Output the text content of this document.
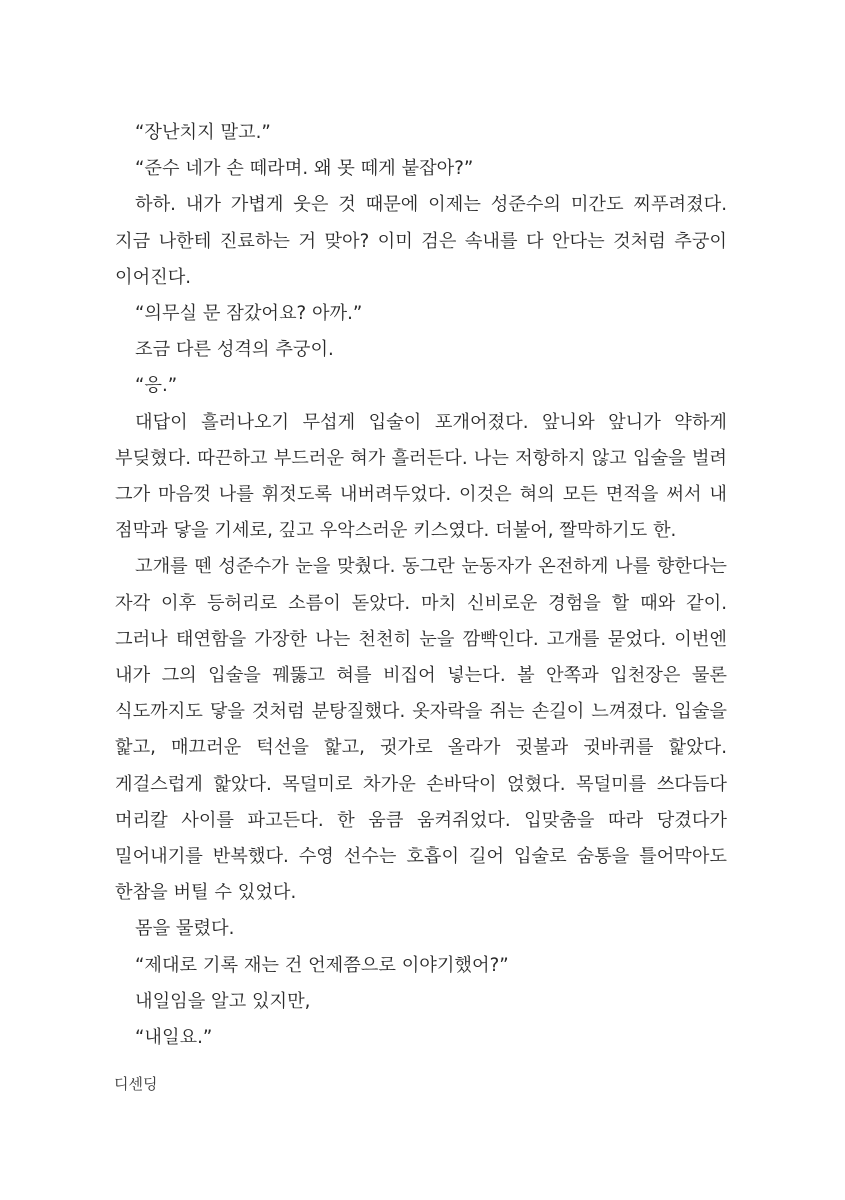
“장난치지 말고.”

“준수 네가 손 떼라며. 왜 못 떼게 붙잡아?”

하하. 내가 가볍게 웃은 것 때문에 이제는 성준수의 미간도 찌푸려졌다. 지금 나한테 진료하는 거 맞아? 이미 검은 속내를 다 안다는 것처럼 추궁이 이어진다.

“의무실 문 잠갔어요? 아까.”

조금 다른 성격의 추궁이.

“응.”

대답이 흘러나오기 무섭게 입술이 포개어졌다. 앞니와 앞니가 약하게 부딪혔다. 따끈하고 부드러운 혀가 흘러든다. 나는 저항하지 않고 입술을 벌려 그가 마음껏 나를 휘젓도록 내버려두었다. 이것은 혀의 모든 면적을 써서 내 점막과 닿을 기세로, 깊고 우악스러운 키스였다. 더불어, 짤막하기도 한.

고개를 뗀 성준수가 눈을 맞췄다. 동그란 눈동자가 온전하게 나를 향한다는 자각 이후 등허리로 소름이 돋았다. 마치 신비로운 경험을 할 때와 같이. 그러나 태연함을 가장한 나는 천천히 눈을 깜빡인다. 고개를 묻었다. 이번엔 내가 그의 입술을 꿰뚫고 혀를 비집어 넣는다. 볼 안쪽과 입천장은 물론 식도까지도 닿을 것처럼 분탕질했다. 옷자락을 쥐는 손길이 느껴졌다. 입술을 핥고, 매끄러운 턱선을 핥고, 귓가로 올라가 귓불과 귓바퀴를 핥았다. 게걸스럽게 핥았다. 목덜미로 차가운 손바닥이 얹혔다. 목덜미를 쓰다듬다 머리칼 사이를 파고든다. 한 움큼 움켜쥐었다. 입맞춤을 따라 당겼다가 밀어내기를 반복했다. 수영 선수는 호흡이 길어 입술로 숨통을 틀어막아도 한참을 버틸 수 있었다.

몸을 물렸다.

“제대로 기록 재는 건 언제쯤으로 이야기했어?”

내일임을 알고 있지만,

“내일요.”

디센딩
